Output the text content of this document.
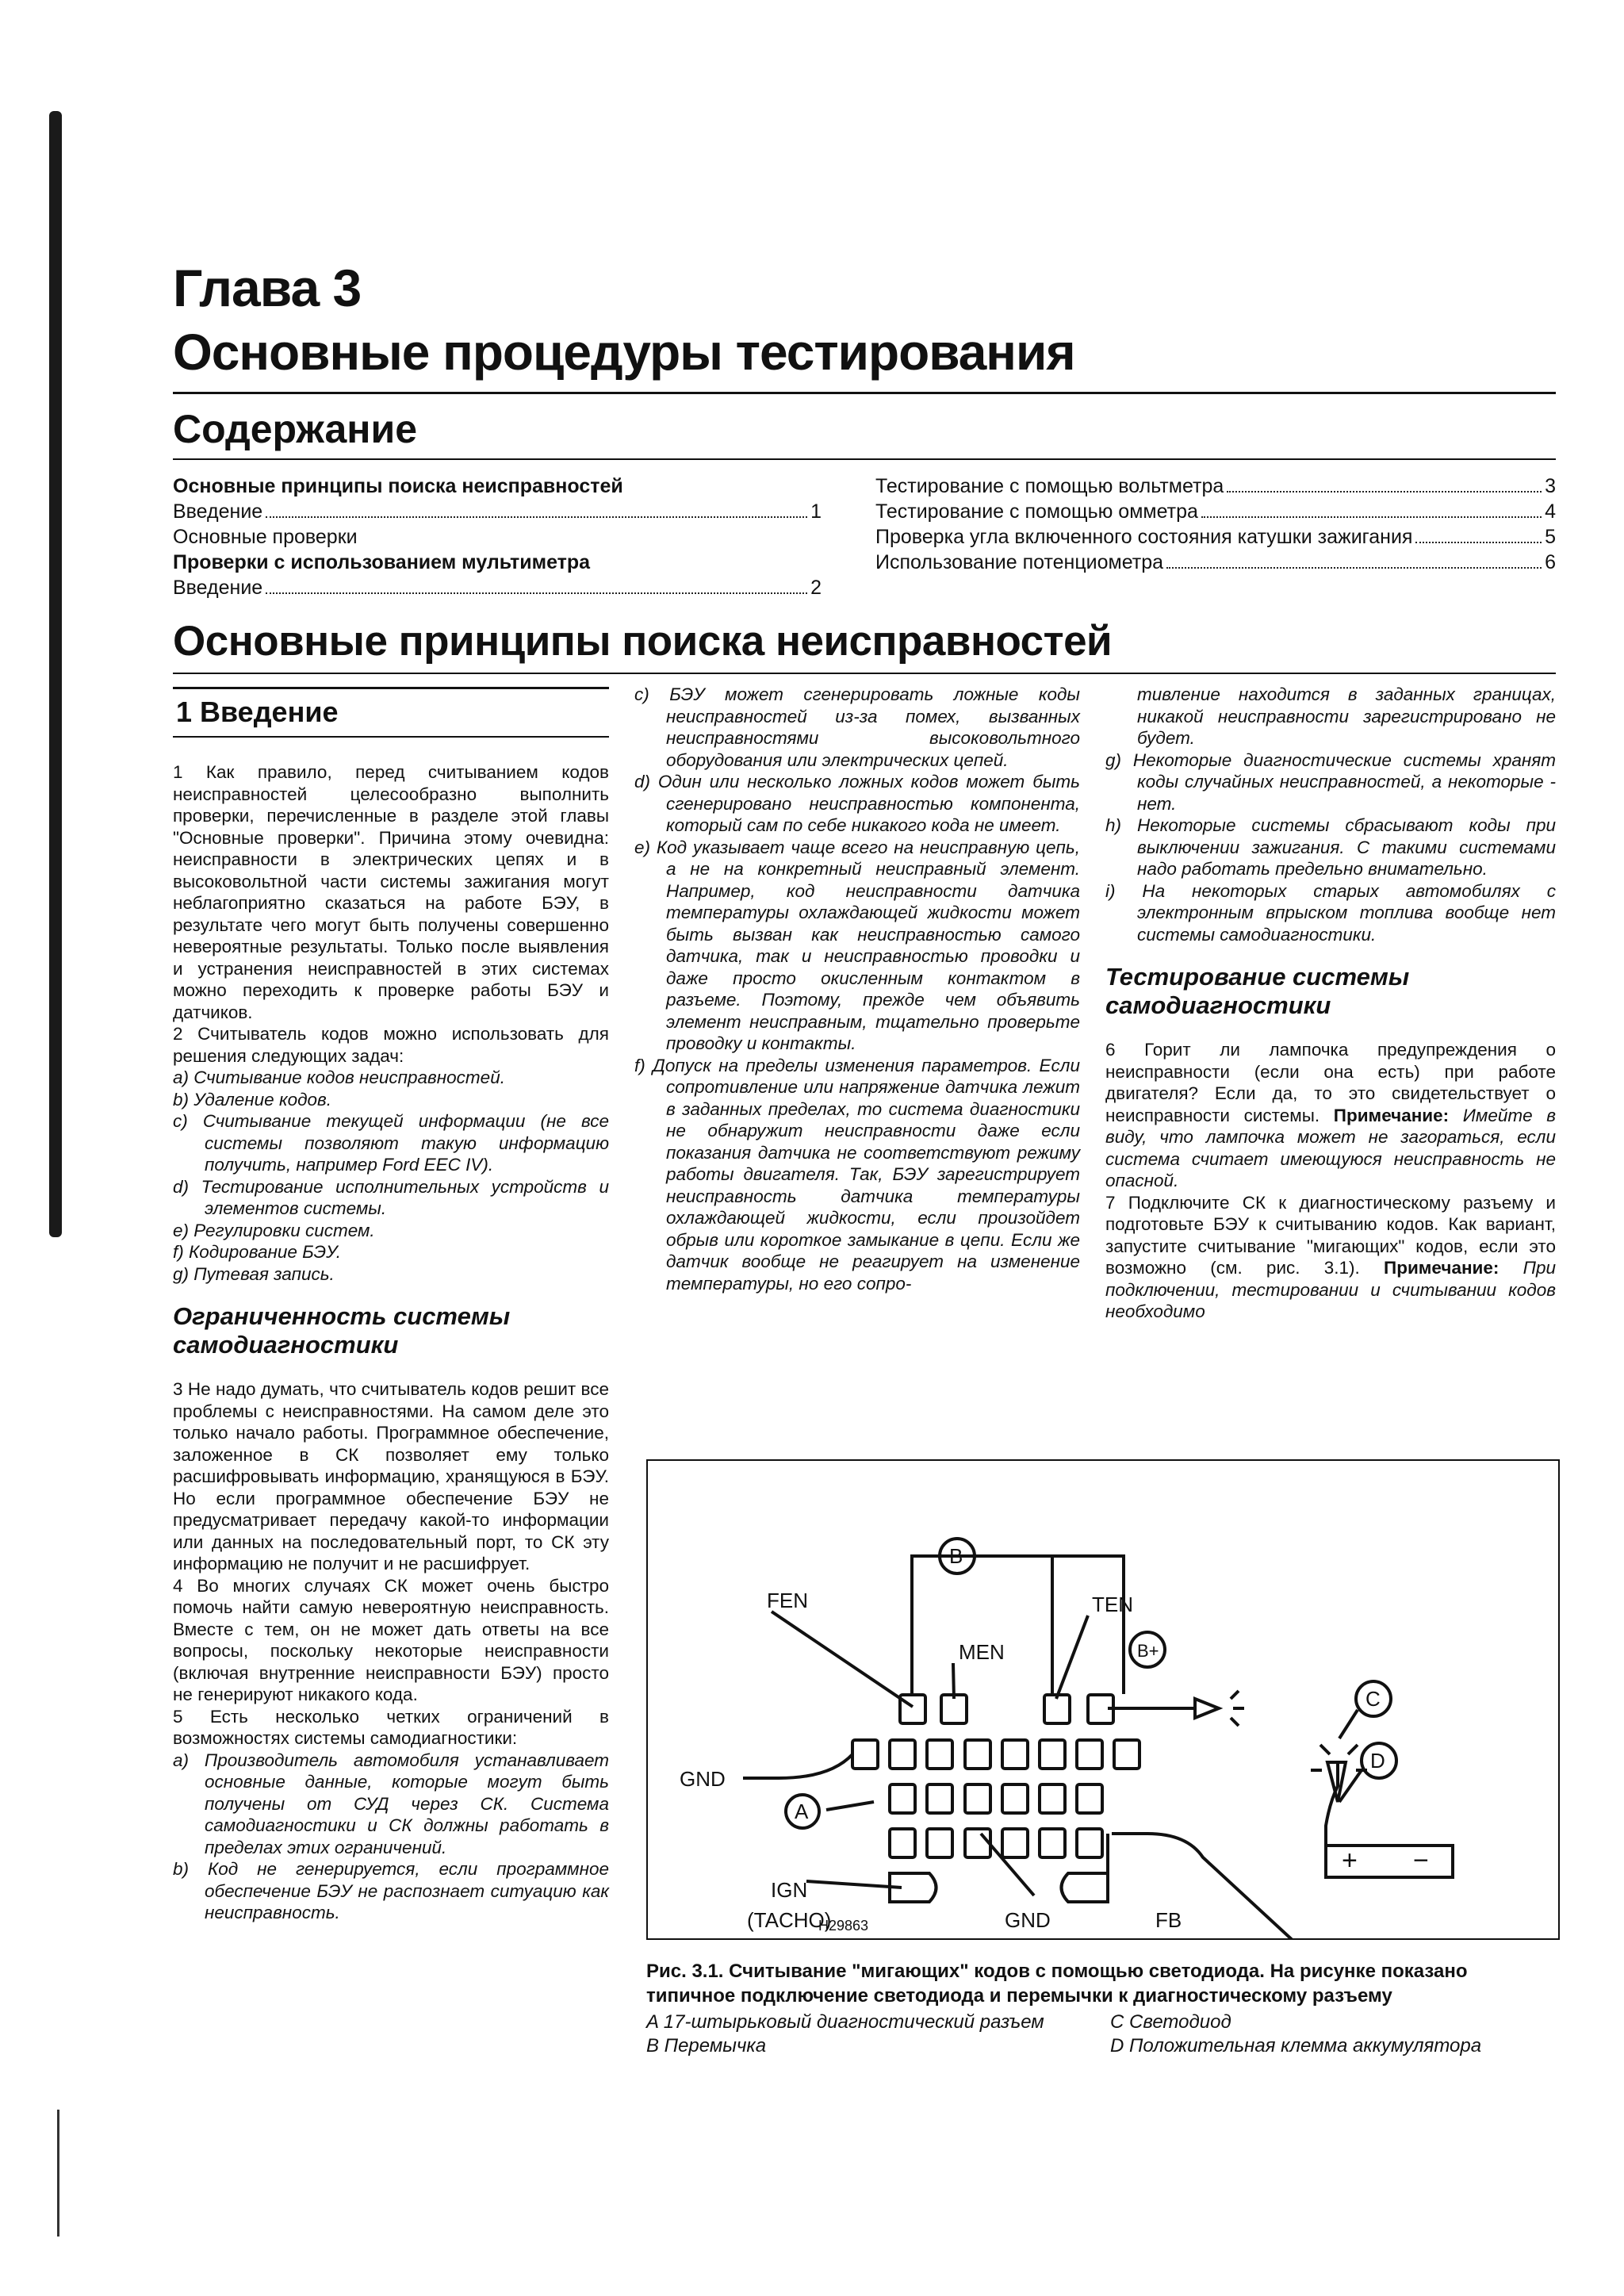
Глава 3
Основные процедуры тестирования
Содержание
Основные принципы поиска неисправностей
Введение	1
Основные проверки
Проверки с использованием мультиметра
Введение	2
Тестирование с помощью вольтметра	3
Тестирование с помощью омметра	4
Проверка угла включенного состояния катушки зажигания	5
Использование потенциометра	6
Основные принципы поиска неисправностей
1 Введение

1 Как правило, перед считыванием кодов неисправностей целесообразно выполнить проверки, перечисленные в разделе этой главы "Основные проверки". Причина этому очевидна: неисправности в электрических цепях и в высоковольтной части системы зажигания могут неблагоприятно сказаться на работе БЭУ, в результате чего могут быть получены совершенно невероятные результаты. Только после выявления и устранения неисправностей в этих системах можно переходить к проверке работы БЭУ и датчиков.

2 Считыватель кодов можно использовать для решения следующих задач:

a) Считывание кодов неисправностей.

b) Удаление кодов.

c) Считывание текущей информации (не все системы позволяют такую информацию получить, например Ford EEC IV).

d) Тестирование исполнительных устройств и элементов системы.

e) Регулировки систем.

f) Кодирование БЭУ.

g) Путевая запись.

Ограниченность системы самодиагностики

3 Не надо думать, что считыватель кодов решит все проблемы с неисправностями. На самом деле это только начало работы. Программное обеспечение, заложенное в СК позволяет ему только расшифровывать информацию, хранящуюся в БЭУ. Но если программное обеспечение БЭУ не предусматривает передачу какой-то информации или данных на последовательный порт, то СК эту информацию не получит и не расшифрует.

4 Во многих случаях СК может очень быстро помочь найти самую невероятную неисправность. Вместе с тем, он не может дать ответы на все вопросы, поскольку некоторые неисправности (включая внутренние неисправности БЭУ) просто не генерируют никакого кода.

5 Есть несколько четких ограничений в возможностях системы самодиагностики:

a) Производитель автомобиля устанавливает основные данные, которые могут быть получены от СУД через СК. Система самодиагностики и СК должны работать в пределах этих ограничений.

b) Код не генерируется, если программное обеспечение БЭУ не распознает ситуацию как неисправность.

c) БЭУ может сгенерировать ложные коды неисправностей из-за помех, вызванных неисправностями высоковольтного оборудования или электрических цепей.

d) Один или несколько ложных кодов может быть сгенерировано неисправностью компонента, который сам по себе никакого кода не имеет.

e) Код указывает чаще всего на неисправную цепь, а не на конкретный неисправный элемент. Например, код неисправности датчика температуры охлаждающей жидкости может быть вызван как неисправностью самого датчика, так и неисправностью проводки и даже просто окисленным контактом в разъеме. Поэтому, прежде чем объявить элемент неисправным, тщательно проверьте проводку и контакты.

f) Допуск на пределы изменения параметров. Если сопротивление или напряжение датчика лежит в заданных пределах, то система диагностики не обнаружит неисправности даже если показания датчика не соответствуют режиму работы двигателя. Так, БЭУ зарегистрирует неисправность датчика температуры охлаждающей жидкости, если произойдет обрыв или короткое замыкание в цепи. Если же датчик вообще не реагирует на изменение температуры, но его сопро-

тивление находится в заданных границах, никакой неисправности зарегистрировано не будет.

g) Некоторые диагностические системы хранят коды случайных неисправностей, а некоторые - нет.

h) Некоторые системы сбрасывают коды при выключении зажигания. С такими системами надо работать предельно внимательно.

i) На некоторых старых автомобилях с электронным впрыском топлива вообще нет системы самодиагностики.

Тестирование системы самодиагностики

6 Горит ли лампочка предупреждения о неисправности (если она есть) при работе двигателя? Если да, то это свидетельствует о неисправности системы. Примечание: Имейте в виду, что лампочка может не загораться, если система считает имеющуюся неисправность не опасной.

7 Подключите СК к диагностическому разъему и подготовьте БЭУ к считыванию кодов. Как вариант, запустите считывание "мигающих" кодов, если это возможно (см. рис. 3.1). Примечание: При подключении, тестировании и считывании кодов необходимо

FEN
MEN
TEN
B+
B
GND
A
IGN
(TACHO)	GND	FB
C
D
+ −
H29863
Рис. 3.1. Считывание "мигающих" кодов с помощью светодиода. На рисунке показано типичное подключение светодиода и перемычки к диагностическому разъему
A 17-штырьковый диагностический разъем
B Перемычка
C Светодиод
D Положительная клемма аккумулятора
